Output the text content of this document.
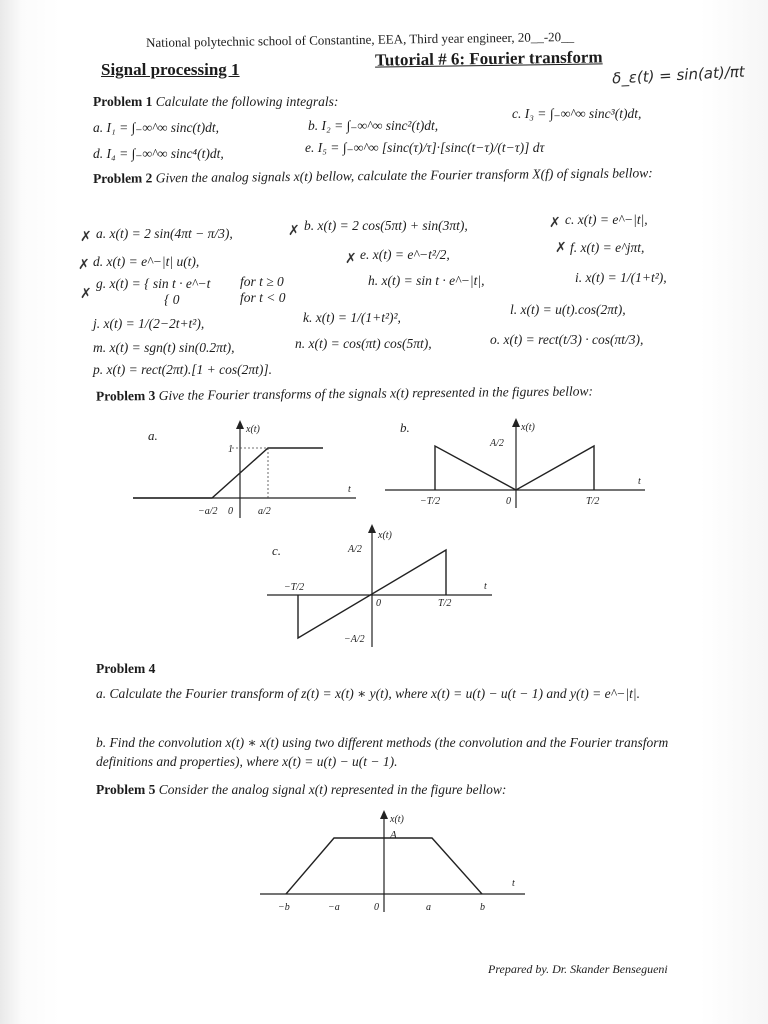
National polytechnic school of Constantine, EEA, Third year engineer, 20__-20__
Signal processing 1	Tutorial # 6: Fourier transform
δ_ε(t) = sin(at)/πt
Problem 1 Calculate the following integrals:
a. I₁ = ∫₋∞^∞ sinc(t)dt,	b. I₂ = ∫₋∞^∞ sinc²(t)dt,
c. I₃ = ∫₋∞^∞ sinc³(t)dt,
d. I₄ = ∫₋∞^∞ sinc⁴(t)dt,	e. I₅ = ∫₋∞^∞ [sinc(τ)/τ]·[sinc(t−τ)/(t−τ)] dτ
Problem 2 Given the analog signals x(t) bellow, calculate the Fourier transform X(f) of signals bellow:
✗ a. x(t) = 2 sin(4πt − π/3),	✗ b. x(t) = 2 cos(5πt) + sin(3πt),	✗ c. x(t) = e^−|t|,
✗ d. x(t) = e^−|t| u(t),	✗ e. x(t) = e^−t²/2,	✗ f. x(t) = e^jπt,
✗
g. x(t) = { sin t · e^−t for t ≥ 0
{ 0	for t < 0
h. x(t) = sin t · e^−|t|,	i. x(t) = 1/(1+t²),
j. x(t) = 1/(2−2t+t²),	k. x(t) = 1/(1+t²)²,
l. x(t) = u(t).cos(2πt),
m. x(t) = sgn(t) sin(0.2πt),	n. x(t) = cos(πt) cos(5πt),	o. x(t) = rect(t/3) · cos(πt/3),
p. x(t) = rect(2πt).[1 + cos(2πt)].
Problem 3 Give the Fourier transforms of the signals x(t) represented in the figures bellow:
a.	x(t)
t
1
−a/2 0	a/2
b.	x(t)
t
A/2
−T/2	0	T/2
c.
x(t)
t
A/2
−A/2
−T/2
0	T/2
Problem 4
a. Calculate the Fourier transform of z(t) = x(t) ∗ y(t), where x(t) = u(t) − u(t − 1) and y(t) = e^−|t|.
b. Find the convolution x(t) ∗ x(t) using two different methods (the convolution and the Fourier transform definitions and properties), where x(t) = u(t) − u(t − 1).
Problem 5 Consider the analog signal x(t) represented in the figure bellow:
x(t)
t
A
−b	−a	0	a	b
Prepared by. Dr. Skander Bensegueni
